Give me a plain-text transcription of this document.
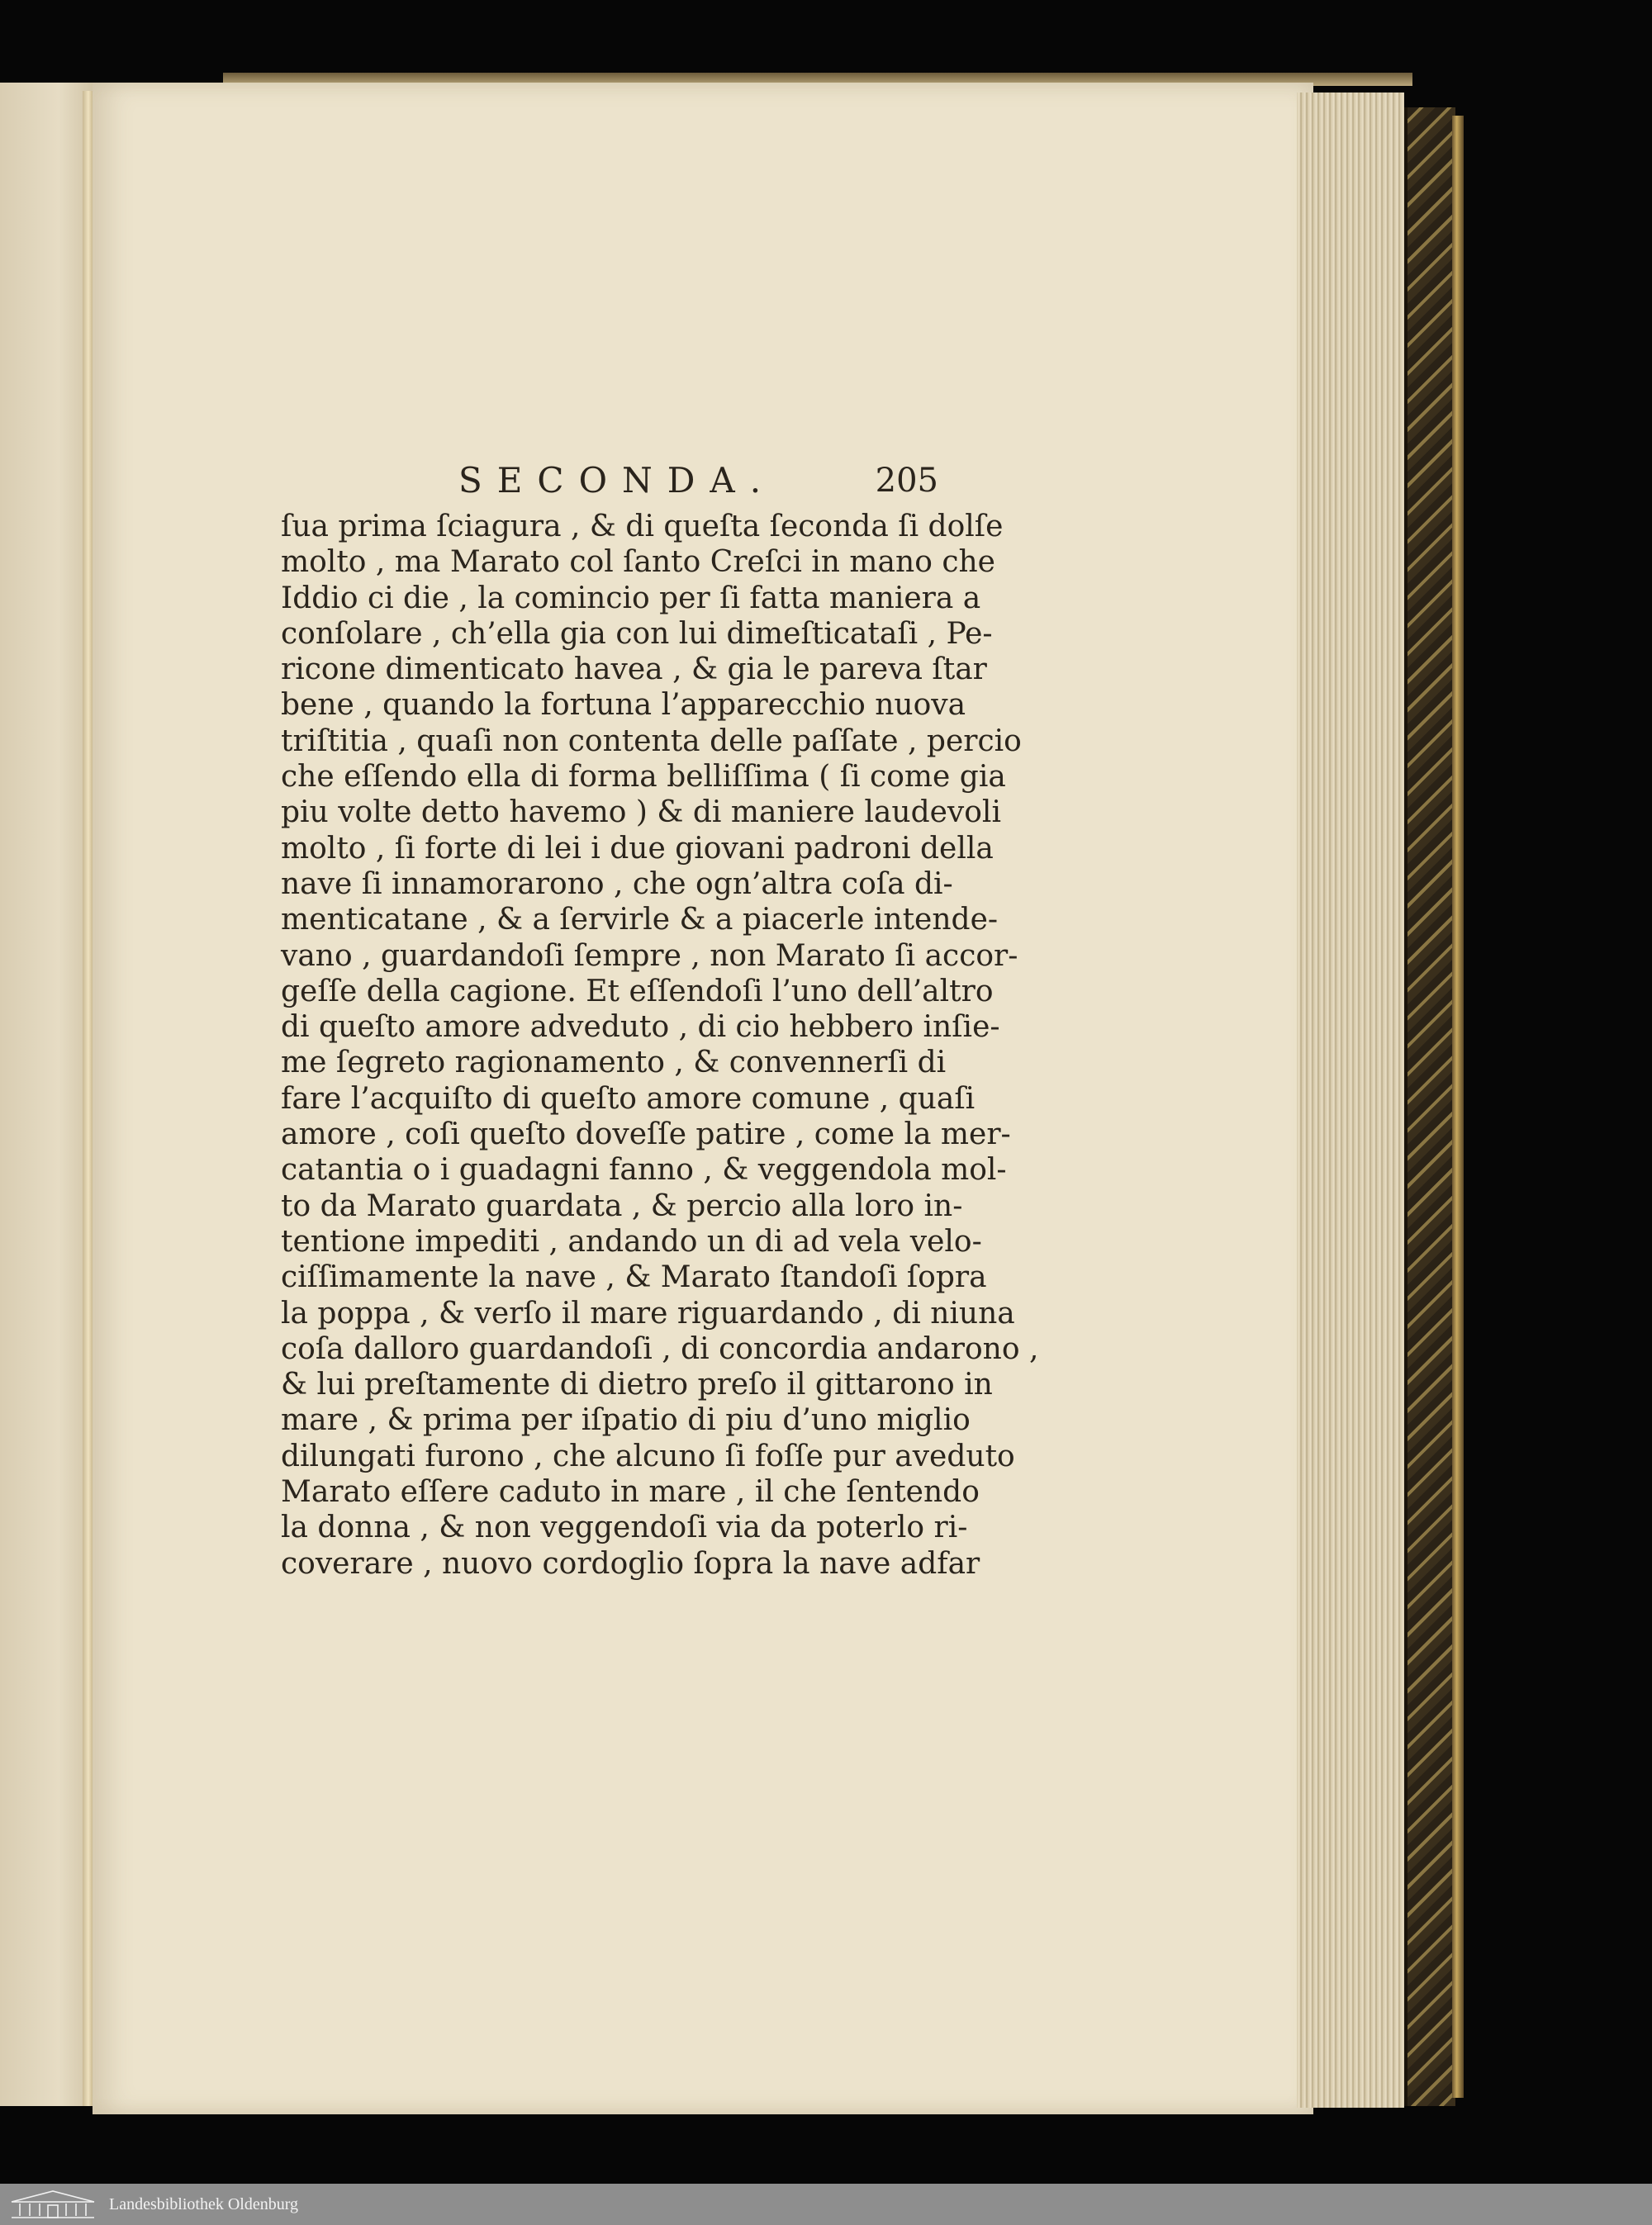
SECONDA.	205
ſua prima ſciagura , & di queſta ſeconda ſi dolſe
molto , ma Marato col ſanto Creſci in mano che
Iddio ci die , la comincio per ſi fatta maniera a
conſolare , ch’ella gia con lui dimeſticataſi , Pe-
ricone dimenticato havea , & gia le pareva ſtar
bene , quando la fortuna l’apparecchio nuova
triſtitia , quaſi non contenta delle paſſate , percio
che eſſendo ella di forma belliſſima ( ſi come gia
piu volte detto havemo ) & di maniere laudevoli
molto , ſi forte di lei i due giovani padroni della
nave ſi innamorarono , che ogn’altra coſa di-
menticatane , & a ſervirle & a piacerle intende-
vano , guardandoſi ſempre , non Marato ſi accor-
geſſe della cagione. Et eſſendoſi l’uno dell’altro
di queſto amore adveduto , di cio hebbero inſie-
me ſegreto ragionamento , & convennerſi di
fare l’acquiſto di queſto amore comune , quaſi
amore , coſi queſto doveſſe patire , come la mer-
catantia o i guadagni fanno , & veggendola mol-
to da Marato guardata , & percio alla loro in-
tentione impediti , andando un di ad vela velo-
ciſſimamente la nave , & Marato ſtandoſi ſopra
la poppa , & verſo il mare riguardando , di niuna
coſa dalloro guardandoſi , di concordia andarono ,
& lui preſtamente di dietro preſo il gittarono in
mare , & prima per iſpatio di piu d’uno miglio
dilungati furono , che alcuno ſi foſſe pur aveduto
Marato eſſere caduto in mare , il che ſentendo
la donna , & non veggendoſi via da poterlo ri-
coverare , nuovo cordoglio ſopra la nave adfar
Landesbibliothek Oldenburg
